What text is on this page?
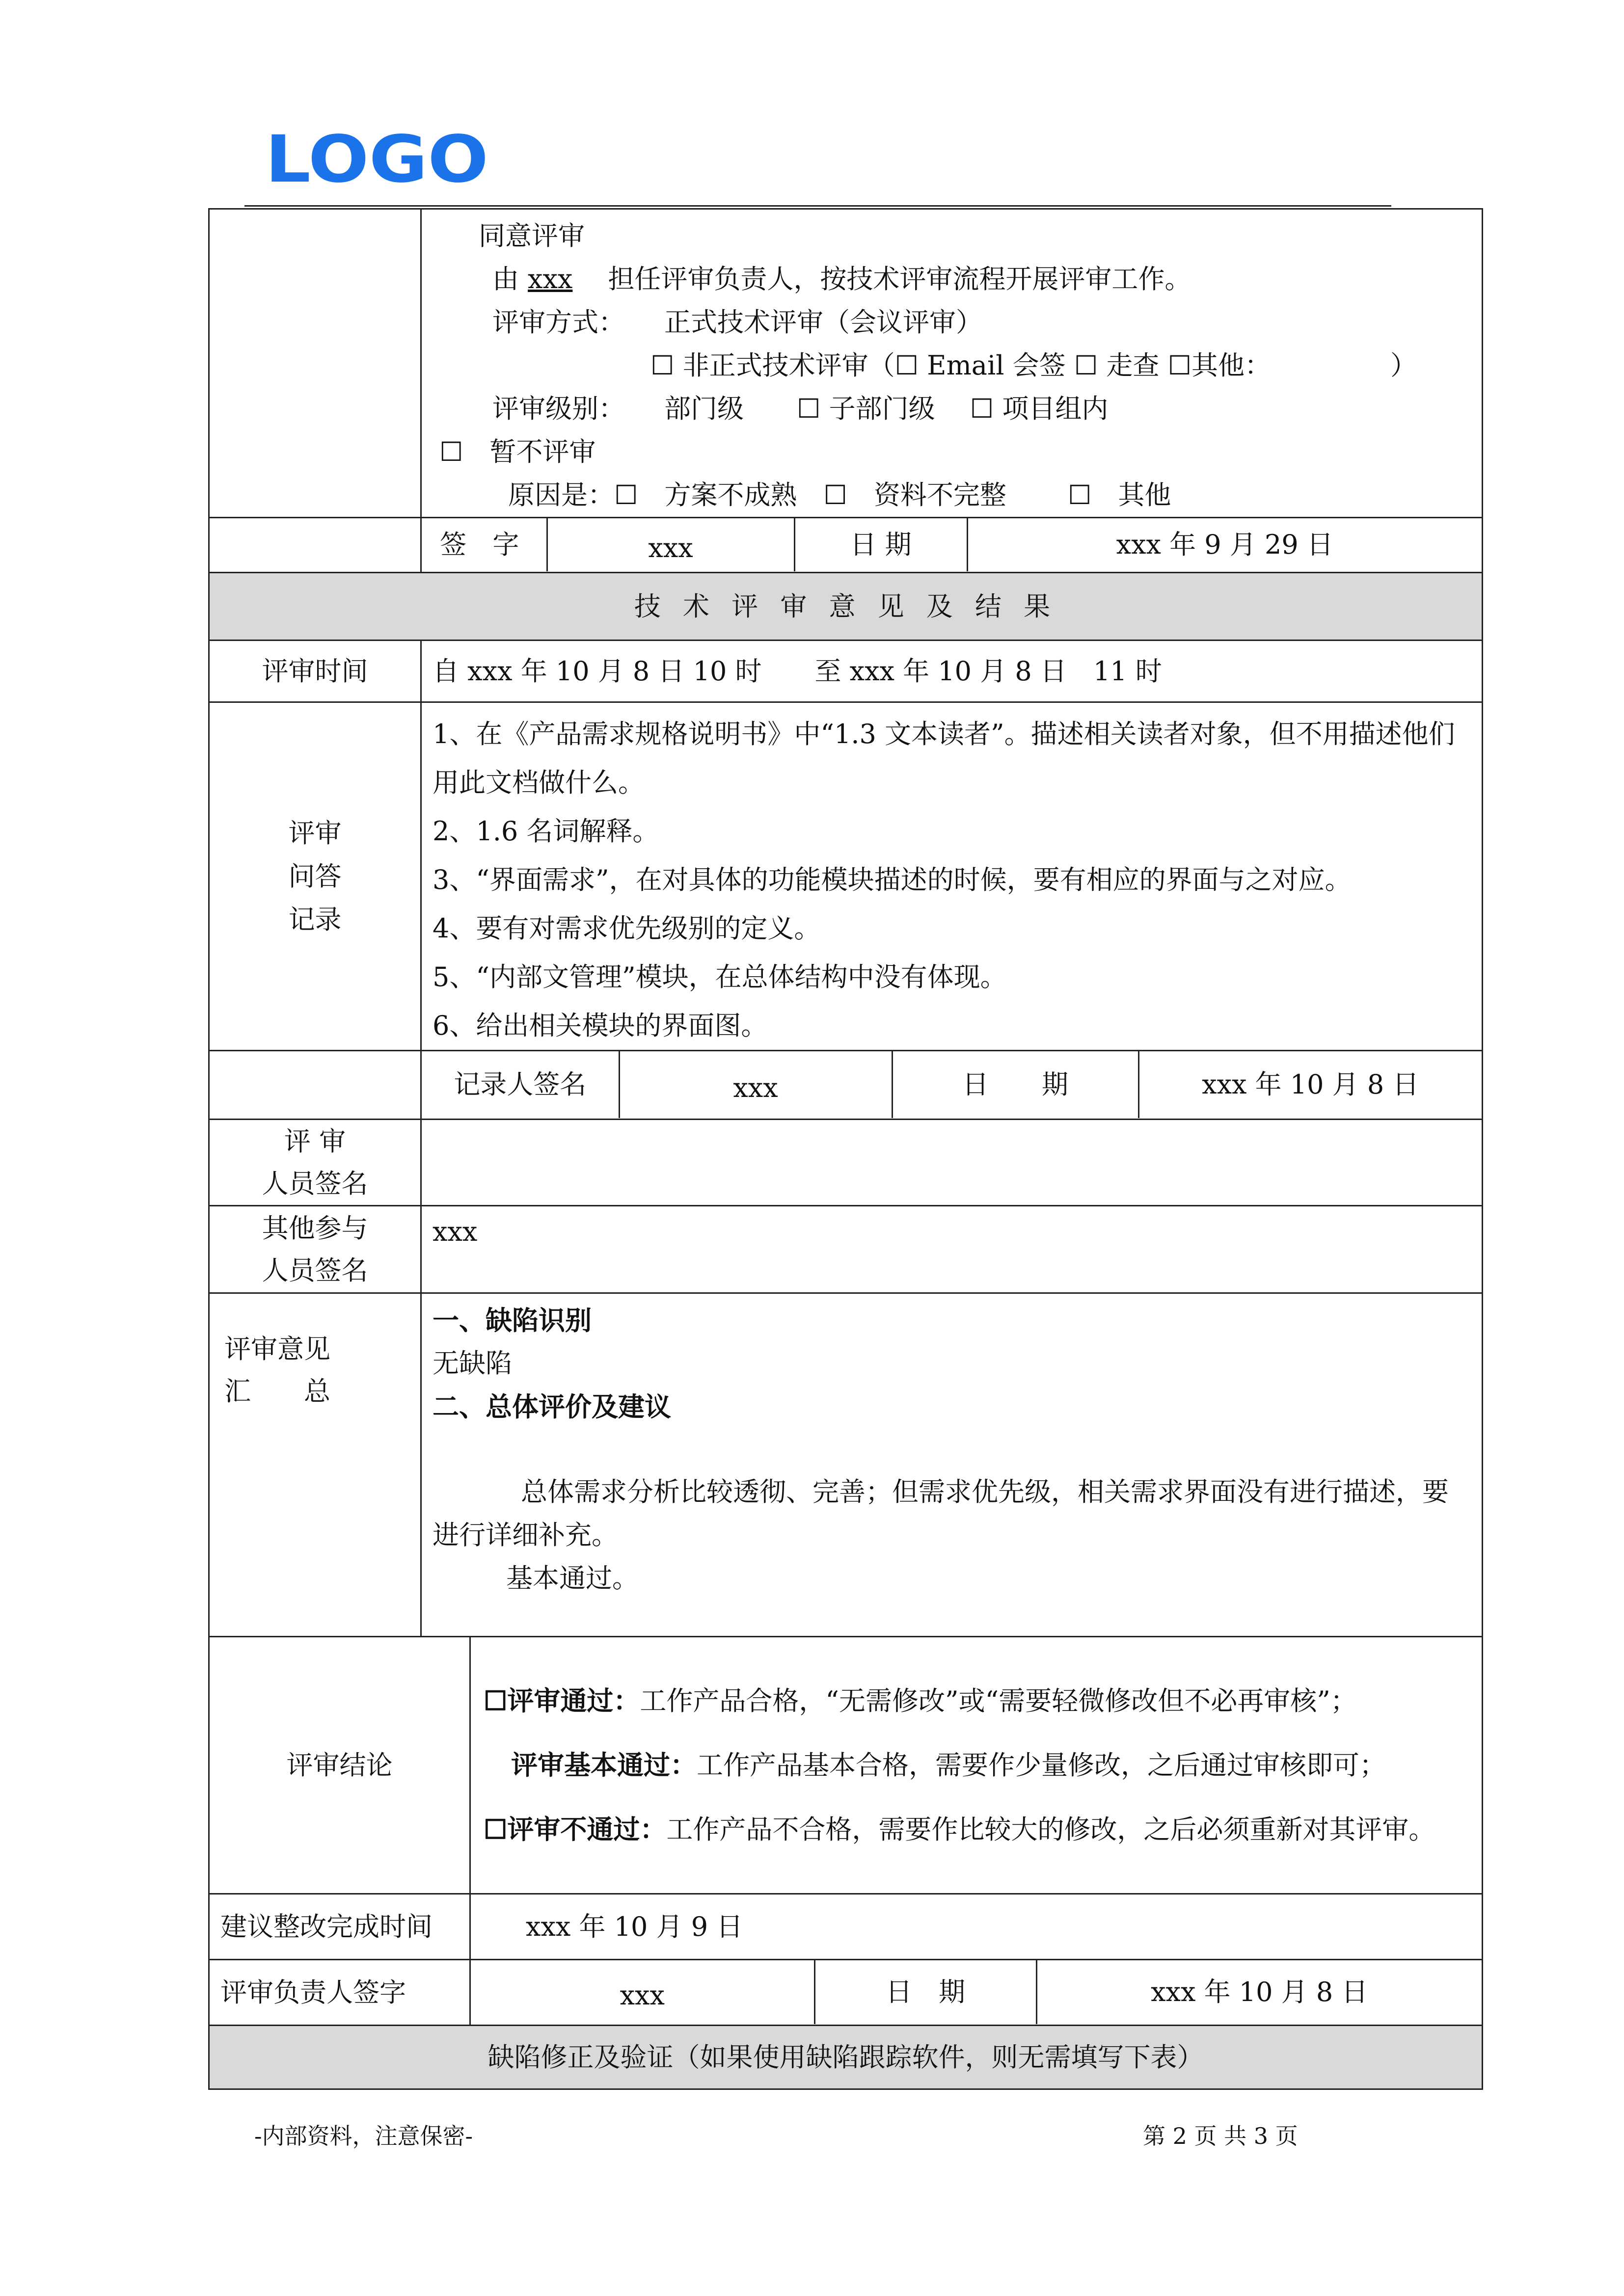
LOGO

同意评审
由 xxx　 担任评审负责人，按技术评审流程开展评审工作。
评审方式： 正式技术评审（会议评审）
☐ 非正式技术评审（☐ Email 会签 ☐ 走查 ☐其他：　　　　　）
评审级别： 部门级　　☐ 子部门级　 ☐ 项目组内
☐　暂不评审
原因是：☐　方案不成熟　☐　资料不完整　　 ☐　其他

签 字	xxx	日 期	xxx 年 9 月 29 日

技 术 评 审 意 见 及 结 果
评审时间	自 xxx 年 10 月 8 日 10 时　　至 xxx 年 10 月 8 日　11 时

评审
问答
记录

1、在《产品需求规格说明书》中“1.3 文本读者”。描述相关读者对象，但不用描述他们用此文档做什么。
2、1.6 名词解释。
3、“界面需求”，在对具体的功能模块描述的时候，要有相应的界面与之对应。
4、要有对需求优先级别的定义。
5、“内部文管理”模块，在总体结构中没有体现。
6、给出相关模块的界面图。

记录人签名	xxx	日　　期	xxx 年 10 月 8 日

评 审
人员签名

其他参与
人员签名
	xxx

评审意见
汇　　总

一、缺陷识别
无缺陷
二、总体评价及建议
总体需求分析比较透彻、完善；但需求优先级，相关需求界面没有进行描述，要进行详细补充。
基本通过。

评审结论	
☐评审通过：工作产品合格，“无需修改”或“需要轻微修改但不必再审核”；
评审基本通过：工作产品基本合格，需要作少量修改，之后通过审核即可；
☐评审不通过：工作产品不合格，需要作比较大的修改，之后必须重新对其评审。

建议整改完成时间	xxx 年 10 月 9 日
评审负责人签字		xxx	日　期	xxx 年 10 月 8 日

缺陷修正及验证（如果使用缺陷跟踪软件，则无需填写下表）
-内部资料，注意保密-	第 2 页 共 3 页
